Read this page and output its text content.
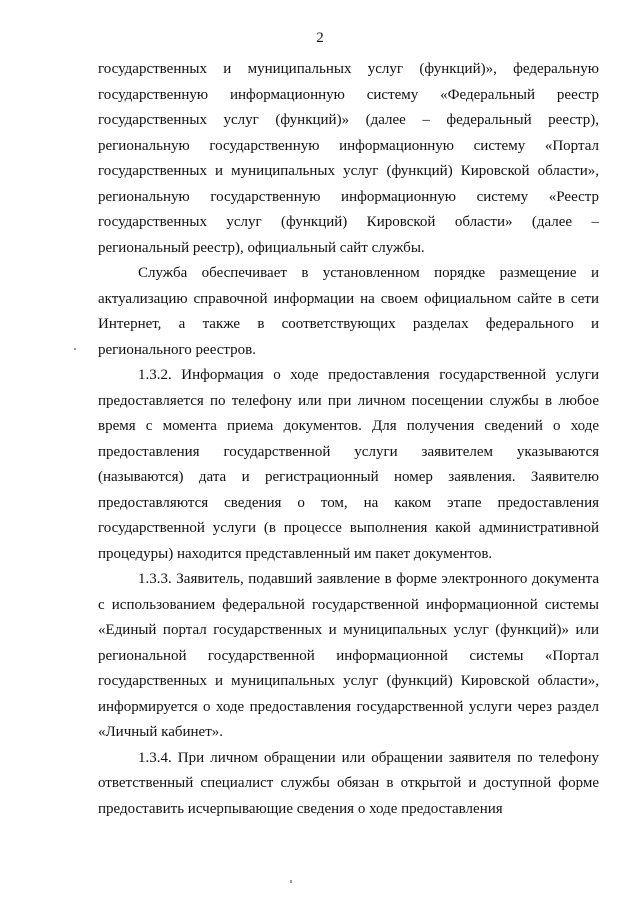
2

государственных и муниципальных услуг (функций)», федеральную государственную информационную систему «Федеральный реестр государственных услуг (функций)» (далее – федеральный реестр), региональную государственную информационную систему «Портал государственных и муниципальных услуг (функций) Кировской области», региональную государственную информационную систему «Реестр государственных услуг (функций) Кировской области» (далее – региональный реестр), официальный сайт службы.

Служба обеспечивает в установленном порядке размещение и актуализацию справочной информации на своем официальном сайте в сети Интернет, а также в соответствующих разделах федерального и регионального реестров.

1.3.2. Информация о ходе предоставления государственной услуги предоставляется по телефону или при личном посещении службы в любое время с момента приема документов. Для получения сведений о ходе предоставления государственной услуги заявителем указываются (называются) дата и регистрационный номер заявления. Заявителю предоставляются сведения о том, на каком этапе предоставления государственной услуги (в процессе выполнения какой административной процедуры) находится представленный им пакет документов.

1.3.3. Заявитель, подавший заявление в форме электронного документа с использованием федеральной государственной информационной системы «Единый портал государственных и муниципальных услуг (функций)» или региональной государственной информационной системы «Портал государственных и муниципальных услуг (функций) Кировской области», информируется о ходе предоставления государственной услуги через раздел «Личный кабинет».

1.3.4. При личном обращении или обращении заявителя по телефону ответственный специалист службы обязан в открытой и доступной форме предоставить исчерпывающие сведения о ходе предоставления
